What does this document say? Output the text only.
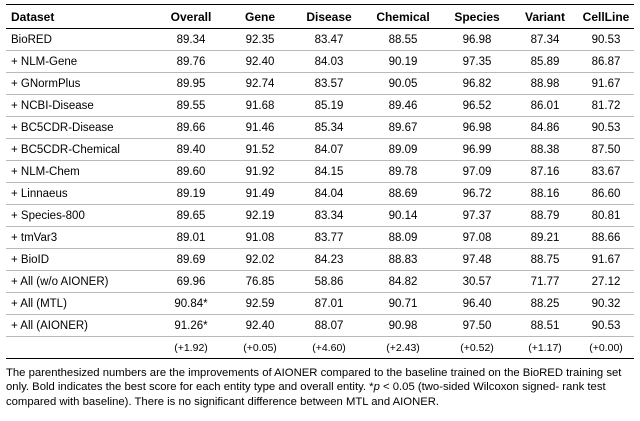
Dataset	Overall	Gene	Disease	Chemical	Species	Variant	CellLine
BioRED	89.34	92.35	83.47	88.55	96.98	87.34	90.53
+ NLM-Gene	89.76	92.40	84.03	90.19	97.35	85.89	86.87
+ GNormPlus	89.95	92.74	83.57	90.05	96.82	88.98	91.67
+ NCBI-Disease	89.55	91.68	85.19	89.46	96.52	86.01	81.72
+ BC5CDR-Disease	89.66	91.46	85.34	89.67	96.98	84.86	90.53
+ BC5CDR-Chemical	89.40	91.52	84.07	89.09	96.99	88.38	87.50
+ NLM-Chem	89.60	91.92	84.15	89.78	97.09	87.16	83.67
+ Linnaeus	89.19	91.49	84.04	88.69	96.72	88.16	86.60
+ Species-800	89.65	92.19	83.34	90.14	97.37	88.79	80.81
+ tmVar3	89.01	91.08	83.77	88.09	97.08	89.21	88.66
+ BioID	89.69	92.02	84.23	88.83	97.48	88.75	91.67
+ All (w/o AIONER)	69.96	76.85	58.86	84.82	30.57	71.77	27.12
+ All (MTL)	90.84*	92.59	87.01	90.71	96.40	88.25	90.32
+ All (AIONER)	91.26*	92.40	88.07	90.98	97.50	88.51	90.53
	(+1.92)	(+0.05)	(+4.60)	(+2.43)	(+0.52)	(+1.17)	(+0.00)

The parenthesized numbers are the improvements of AIONER compared to the baseline trained on the BioRED training set only. Bold indicates the best score for each entity type and overall entity. *p < 0.05 (two-sided Wilcoxon signed- rank test compared with baseline). There is no significant difference between MTL and AIONER.
